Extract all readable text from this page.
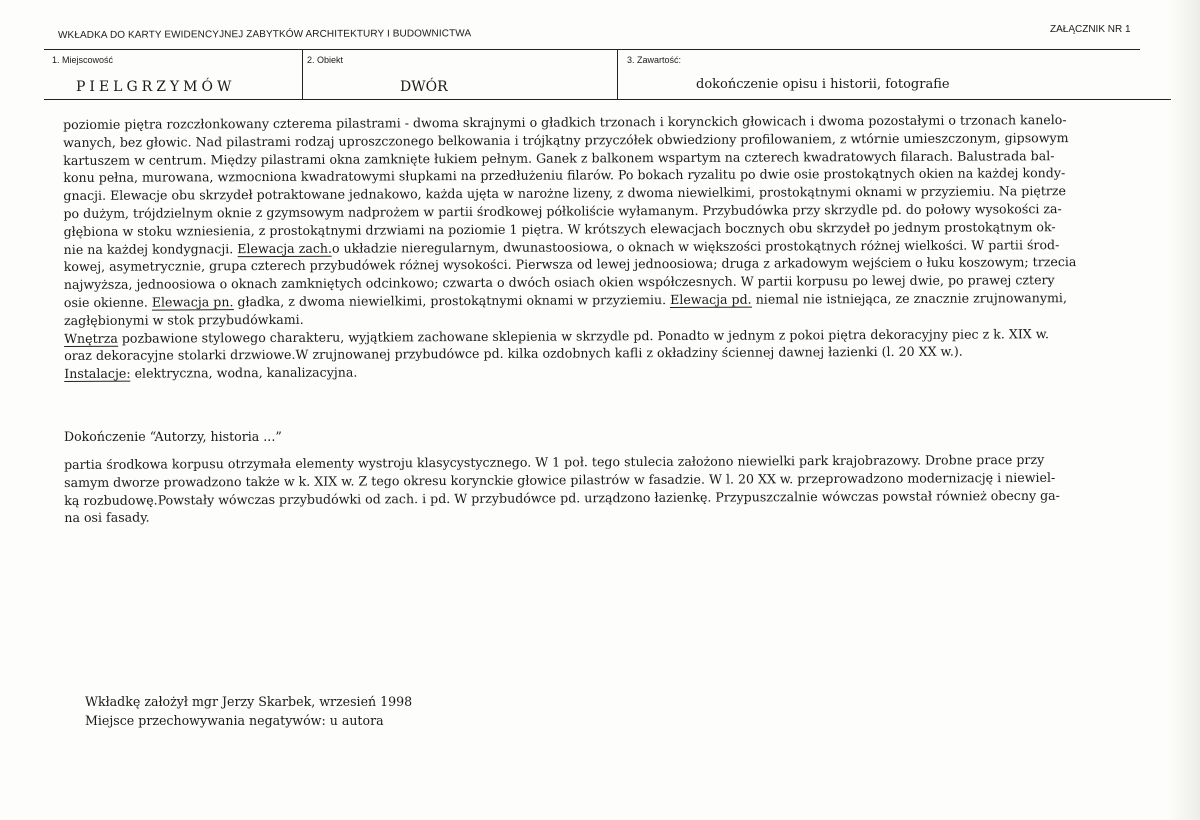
WKŁADKA DO KARTY EWIDENCYJNEJ ZABYTKÓW ARCHITEKTURY I BUDOWNICTWA	ZAŁĄCZNIK NR 1
1. Miejscowość	2. Obiekt	3. Zawartość:
PIELGRZYMÓW	DWÓR	dokończenie opisu i historii, fotografie
poziomie piętra rozczłonkowany czterema pilastrami - dwoma skrajnymi o gładkich trzonach i korynckich głowicach i dwoma pozostałymi o trzonach kanelo-
wanych, bez głowic. Nad pilastrami rodzaj uproszczonego belkowania i trójkątny przyczółek obwiedziony profilowaniem, z wtórnie umieszczonym, gipsowym
kartuszem w centrum. Między pilastrami okna zamknięte łukiem pełnym. Ganek z balkonem wspartym na czterech kwadratowych filarach. Balustrada bal-
konu pełna, murowana, wzmocniona kwadratowymi słupkami na przedłużeniu filarów. Po bokach ryzalitu po dwie osie prostokątnych okien na każdej kondy-
gnacji. Elewacje obu skrzydeł potraktowane jednakowo, każda ujęta w narożne lizeny, z dwoma niewielkimi, prostokątnymi oknami w przyziemiu. Na piętrze
po dużym, trójdzielnym oknie z gzymsowym nadprożem w partii środkowej półkoliście wyłamanym. Przybudówka przy skrzydle pd. do połowy wysokości za-
głębiona w stoku wzniesienia, z prostokątnymi drzwiami na poziomie 1 piętra. W krótszych elewacjach bocznych obu skrzydeł po jednym prostokątnym ok-
nie na każdej kondygnacji. Elewacja zach.o układzie nieregularnym, dwunastoosiowa, o oknach w większości prostokątnych różnej wielkości. W partii środ-
kowej, asymetrycznie, grupa czterech przybudówek różnej wysokości. Pierwsza od lewej jednoosiowa; druga z arkadowym wejściem o łuku koszowym; trzecia
najwyższa, jednoosiowa o oknach zamkniętych odcinkowo; czwarta o dwóch osiach okien współczesnych. W partii korpusu po lewej dwie, po prawej cztery
osie okienne. Elewacja pn. gładka, z dwoma niewielkimi, prostokątnymi oknami w przyziemiu. Elewacja pd. niemal nie istniejąca, ze znacznie zrujnowanymi,
zagłębionymi w stok przybudówkami.
Wnętrza pozbawione stylowego charakteru, wyjątkiem zachowane sklepienia w skrzydle pd. Ponadto w jednym z pokoi piętra dekoracyjny piec z k. XIX w.
oraz dekoracyjne stolarki drzwiowe.W zrujnowanej przybudówce pd. kilka ozdobnych kafli z okładziny ściennej dawnej łazienki (l. 20 XX w.).
Instalacje: elektryczna, wodna, kanalizacyjna.
Dokończenie “Autorzy, historia ...”
partia środkowa korpusu otrzymała elementy wystroju klasycystycznego. W 1 poł. tego stulecia założono niewielki park krajobrazowy. Drobne prace przy
samym dworze prowadzono także w k. XIX w. Z tego okresu korynckie głowice pilastrów w fasadzie. W l. 20 XX w. przeprowadzono modernizację i niewiel-
ką rozbudowę.Powstały wówczas przybudówki od zach. i pd. W przybudówce pd. urządzono łazienkę. Przypuszczalnie wówczas powstał również obecny ga-
na osi fasady.
Wkładkę założył mgr Jerzy Skarbek, wrzesień 1998
Miejsce przechowywania negatywów: u autora
